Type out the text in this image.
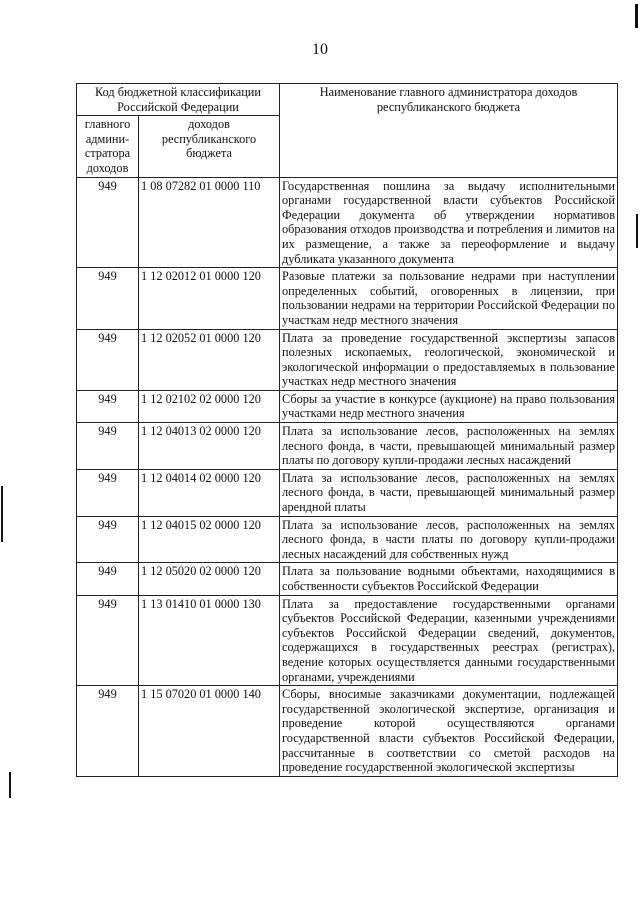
10
Код бюджетной классификации Российской Федерации		Наименование главного администратора доходов республиканского бюджета
главного админи-стратора доходов	доходов республиканского бюджета	
949	1 08 07282 01 0000 110	Государственная пошлина за выдачу исполнительными органами государственной власти субъектов Российской Федерации документа об утверждении нормативов образования отходов производства и потребления и лимитов на их размещение, а также за переоформление и выдачу дубликата указанного документа
949	1 12 02012 01 0000 120	Разовые платежи за пользование недрами при наступлении определенных событий, оговоренных в лицензии, при пользовании недрами на территории Российской Федерации по участкам недр местного значения
949	1 12 02052 01 0000 120	Плата за проведение государственной экспертизы запасов полезных ископаемых, геологической, экономической и экологической информации о предоставляемых в пользование участках недр местного значения
949	1 12 02102 02 0000 120	Сборы за участие в конкурсе (аукционе) на право пользования участками недр местного значения
949	1 12 04013 02 0000 120	Плата за использование лесов, расположенных на землях лесного фонда, в части, превышающей минимальный размер платы по договору купли-продажи лесных насаждений
949	1 12 04014 02 0000 120	Плата за использование лесов, расположенных на землях лесного фонда, в части, превышающей минимальный размер арендной платы
949	1 12 04015 02 0000 120	Плата за использование лесов, расположенных на землях лесного фонда, в части платы по договору купли-продажи лесных насаждений для собственных нужд
949	1 12 05020 02 0000 120	Плата за пользование водными объектами, находящимися в собственности субъектов Российской Федерации
949	1 13 01410 01 0000 130	Плата за предоставление государственными органами субъектов Российской Федерации, казенными учреждениями субъектов Российской Федерации сведений, документов, содержащихся в государственных реестрах (регистрах), ведение которых осуществляется данными государственными органами, учреждениями
949	1 15 07020 01 0000 140	Сборы, вносимые заказчиками документации, подлежащей государственной экологической экспертизе, организация и проведение которой осуществляются органами государственной власти субъектов Российской Федерации, рассчитанные в соответствии со сметой расходов на проведение государственной экологической экспертизы
